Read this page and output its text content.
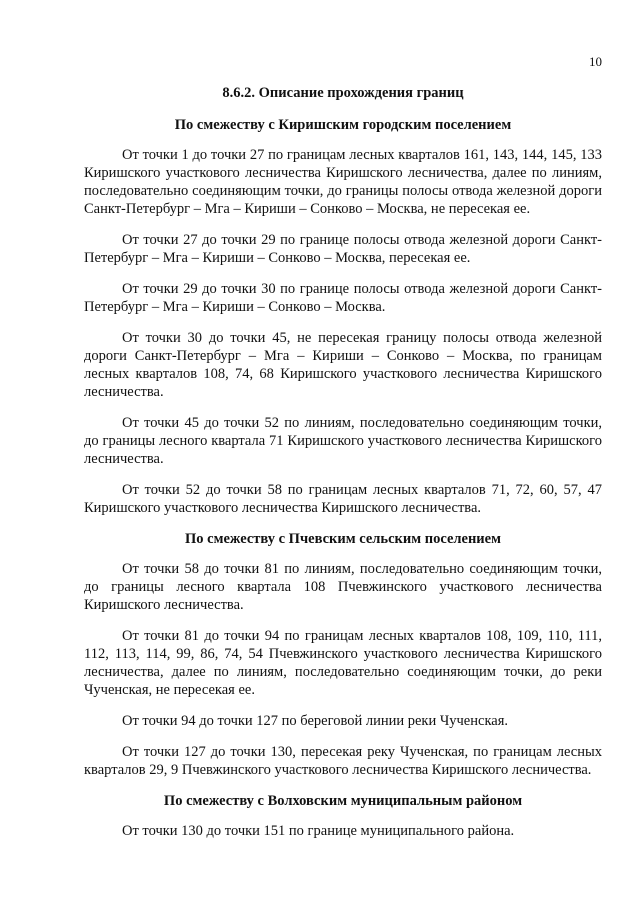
10
8.6.2. Описание прохождения границ
По смежеству с Киришским городским поселением

От точки 1 до точки 27 по границам лесных кварталов 161, 143, 144, 145, 133 Киришского участкового лесничества Киришского лесничества, далее по линиям, последовательно соединяющим точки, до границы полосы отвода железной дороги Санкт-Петербург – Мга – Кириши – Сонково – Москва, не пересекая ее.

От точки 27 до точки 29 по границе полосы отвода железной дороги Санкт-Петербург – Мга – Кириши – Сонково – Москва, пересекая ее.

От точки 29 до точки 30 по границе полосы отвода железной дороги Санкт-Петербург – Мга – Кириши – Сонково – Москва.

От точки 30 до точки 45, не пересекая границу полосы отвода железной дороги Санкт-Петербург – Мга – Кириши – Сонково – Москва, по границам лесных кварталов 108, 74, 68 Киришского участкового лесничества Киришского лесничества.

От точки 45 до точки 52 по линиям, последовательно соединяющим точки, до границы лесного квартала 71 Киришского участкового лесничества Киришского лесничества.

От точки 52 до точки 58 по границам лесных кварталов 71, 72, 60, 57, 47 Киришского участкового лесничества Киришского лесничества.

По смежеству с Пчевским сельским поселением

От точки 58 до точки 81 по линиям, последовательно соединяющим точки, до границы лесного квартала 108 Пчевжинского участкового лесничества Киришского лесничества.

От точки 81 до точки 94 по границам лесных кварталов 108, 109, 110, 111, 112, 113, 114, 99, 86, 74, 54 Пчевжинского участкового лесничества Киришского лесничества, далее по линиям, последовательно соединяющим точки, до реки Чученская, не пересекая ее.

От точки 94 до точки 127 по береговой линии реки Чученская.

От точки 127 до точки 130, пересекая реку Чученская, по границам лесных кварталов 29, 9 Пчевжинского участкового лесничества Киришского лесничества.

По смежеству с Волховским муниципальным районом

От точки 130 до точки 151 по границе муниципального района.
